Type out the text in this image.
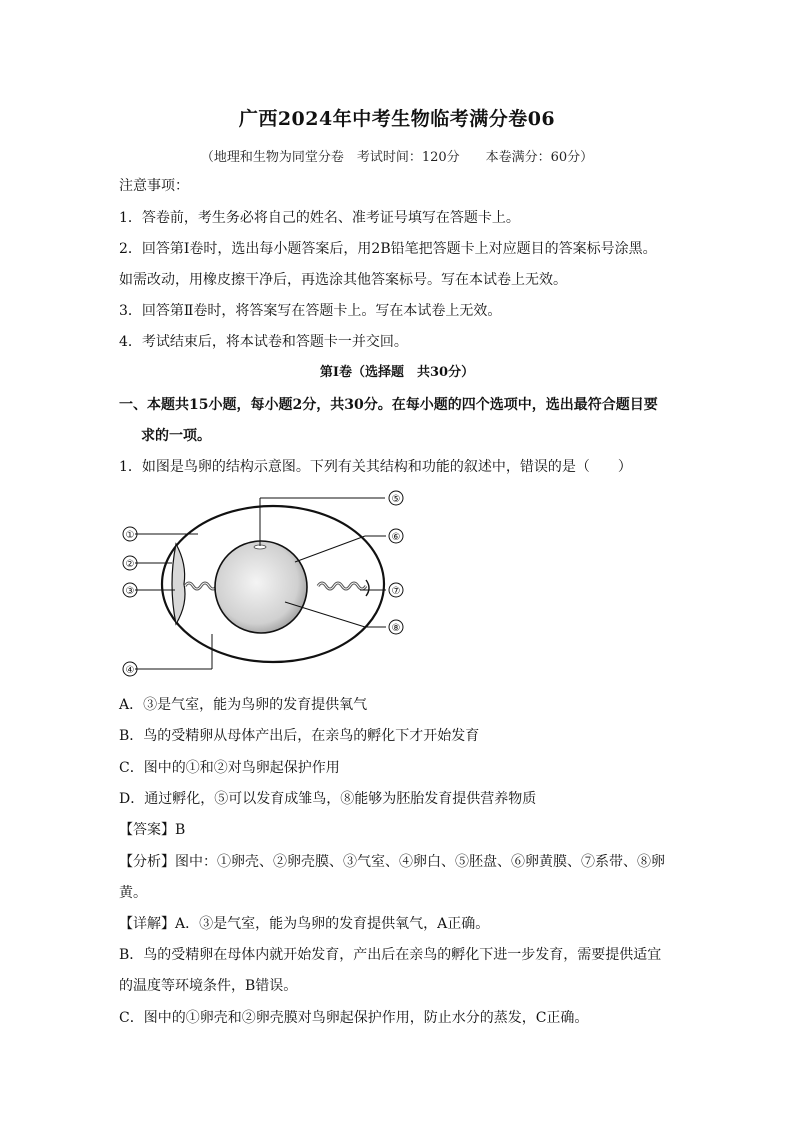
广西2024年中考生物临考满分卷06
（地理和生物为同堂分卷　考试时间：120分　　本卷满分：60分）
注意事项：
1．答卷前，考生务必将自己的姓名、准考证号填写在答题卡上。
2．回答第Ⅰ卷时，选出每小题答案后，用2B铅笔把答题卡上对应题目的答案标号涂黑。
如需改动，用橡皮擦干净后，再选涂其他答案标号。写在本试卷上无效。
3．回答第Ⅱ卷时，将答案写在答题卡上。写在本试卷上无效。
4．考试结束后，将本试卷和答题卡一并交回。
第Ⅰ卷（选择题　共30分）
一、本题共15小题，每小题2分，共30分。在每小题的四个选项中，选出最符合题目要
求的一项。
1．如图是鸟卵的结构示意图。下列有关其结构和功能的叙述中，错误的是（　　）
①
②
③
④
⑤
⑥
⑦
⑧
A．③是气室，能为鸟卵的发育提供氧气
B．鸟的受精卵从母体产出后，在亲鸟的孵化下才开始发育
C．图中的①和②对鸟卵起保护作用
D．通过孵化，⑤可以发育成雏鸟，⑧能够为胚胎发育提供营养物质
【答案】B
【分析】图中：①卵壳、②卵壳膜、③气室、④卵白、⑤胚盘、⑥卵黄膜、⑦系带、⑧卵
黄。
【详解】A．③是气室，能为鸟卵的发育提供氧气，A正确。
B．鸟的受精卵在母体内就开始发育，产出后在亲鸟的孵化下进一步发育，需要提供适宜
的温度等环境条件，B错误。
C．图中的①卵壳和②卵壳膜对鸟卵起保护作用，防止水分的蒸发，C正确。
